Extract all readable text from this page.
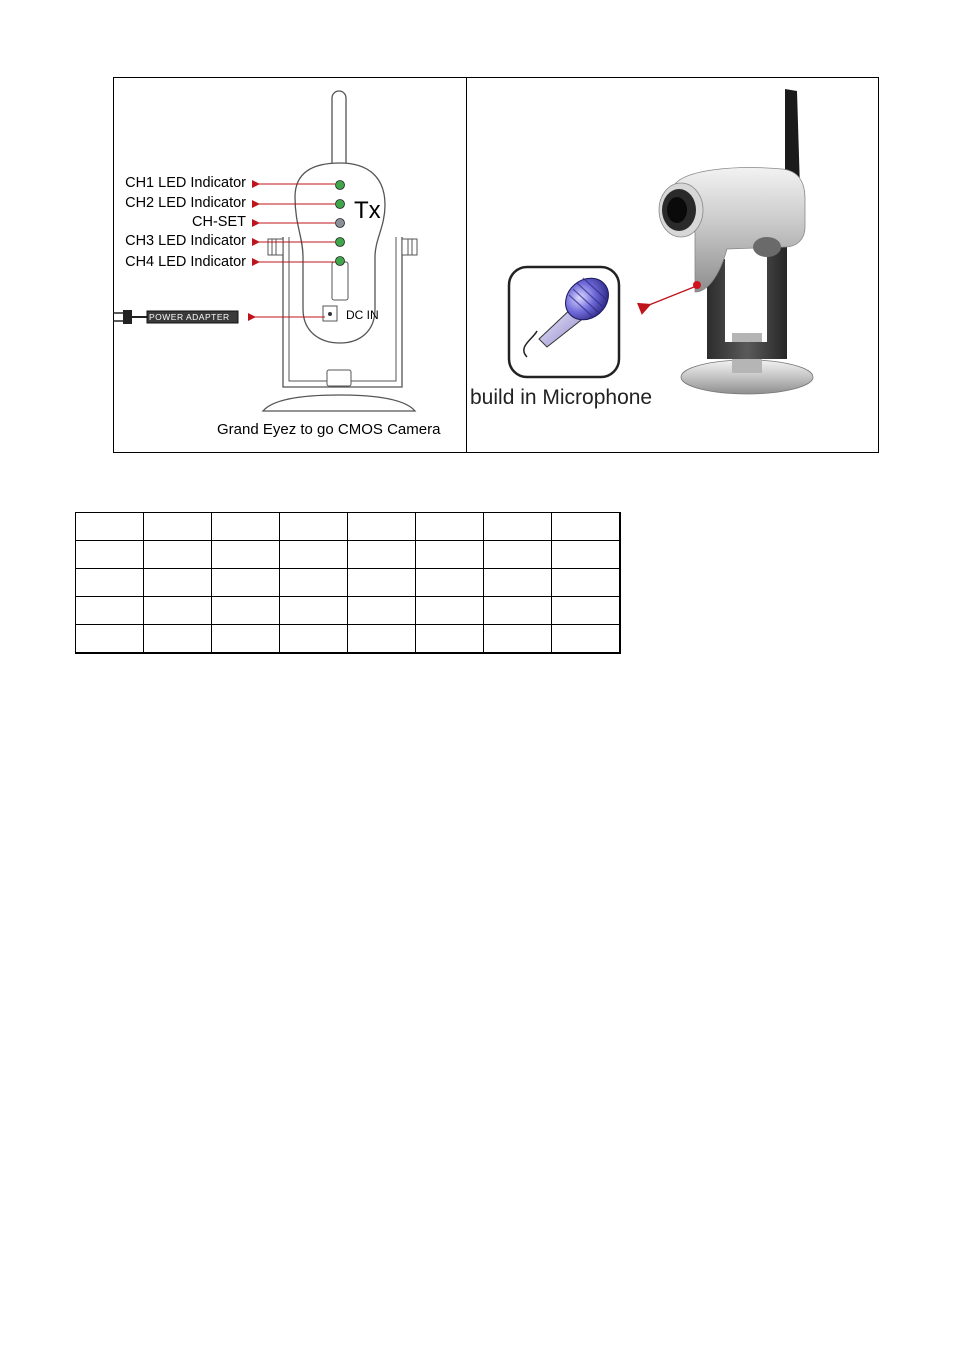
CH1 LED Indicator
CH2 LED Indicator
CH-SET
CH3 LED Indicator
CH4 LED Indicator
Tx
DC IN
POWER ADAPTER
Grand Eyez to go CMOS Camera
build in Microphone
